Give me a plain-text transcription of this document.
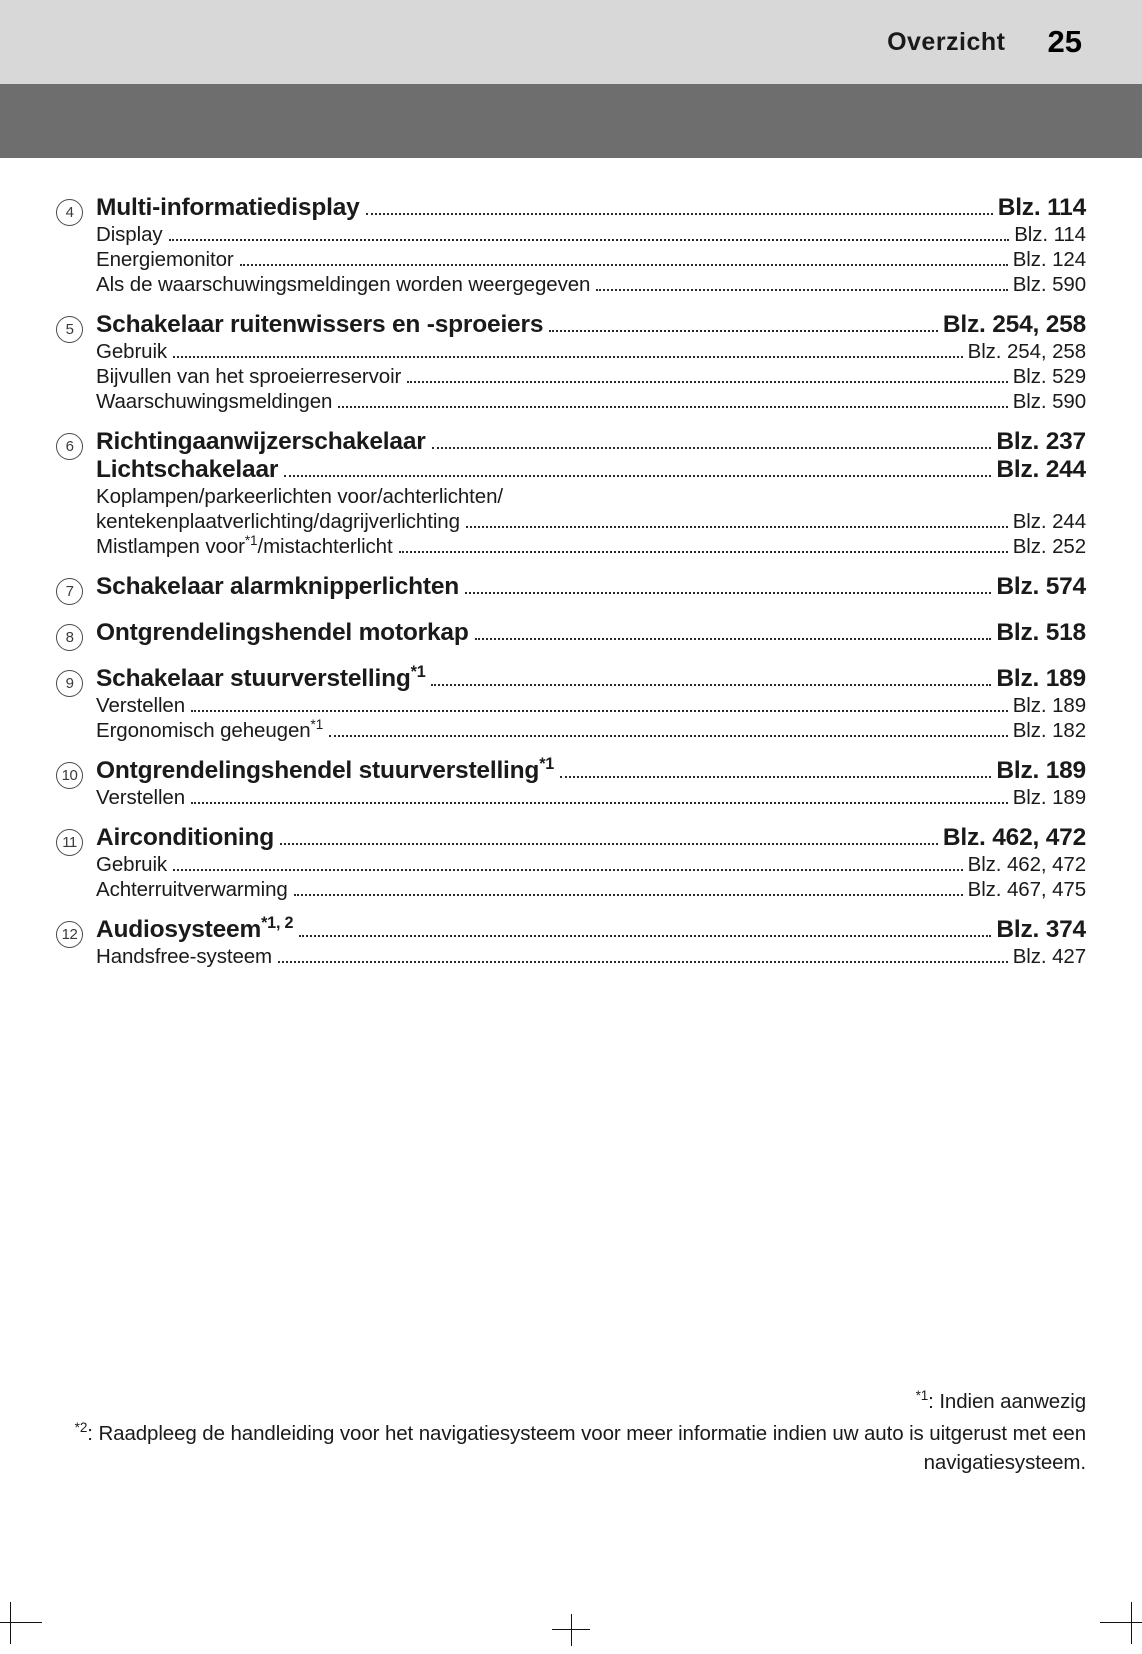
Overzicht 25
4 Multi-informatiedisplay	Blz. 114
Display	Blz. 114
Energiemonitor	Blz. 124
Als de waarschuwingsmeldingen worden weergegeven	Blz. 590
5 Schakelaar ruitenwissers en -sproeiers	Blz. 254, 258
Gebruik	Blz. 254, 258
Bijvullen van het sproeierreservoir	Blz. 529
Waarschuwingsmeldingen	Blz. 590
6 Richtingaanwijzerschakelaar	Blz. 237
Lichtschakelaar	Blz. 244
Koplampen/parkeerlichten voor/achterlichten/
kentekenplaatverlichting/dagrijverlichting	Blz. 244
Mistlampen voor$^{*1}$/mistachterlicht	Blz. 252
7 Schakelaar alarmknipperlichten	Blz. 574
8 Ontgrendelingshendel motorkap	Blz. 518
9 Schakelaar stuurverstelling$^{*1}$	Blz. 189
Verstellen	Blz. 189
Ergonomisch geheugen$^{*1}$	Blz. 182
10 Ontgrendelingshendel stuurverstelling$^{*1}$	Blz. 189
Verstellen	Blz. 189
11 Airconditioning	Blz. 462, 472
Gebruik	Blz. 462, 472
Achterruitverwarming	Blz. 467, 475
12 Audiosysteem$^{*1, 2}$	Blz. 374
Handsfree-systeem	Blz. 427
$^{*1}$: Indien aanwezig
$^{*2}$: Raadpleeg de handleiding voor het navigatiesysteem voor meer informatie indien uw auto is uitgerust met een navigatiesysteem.
